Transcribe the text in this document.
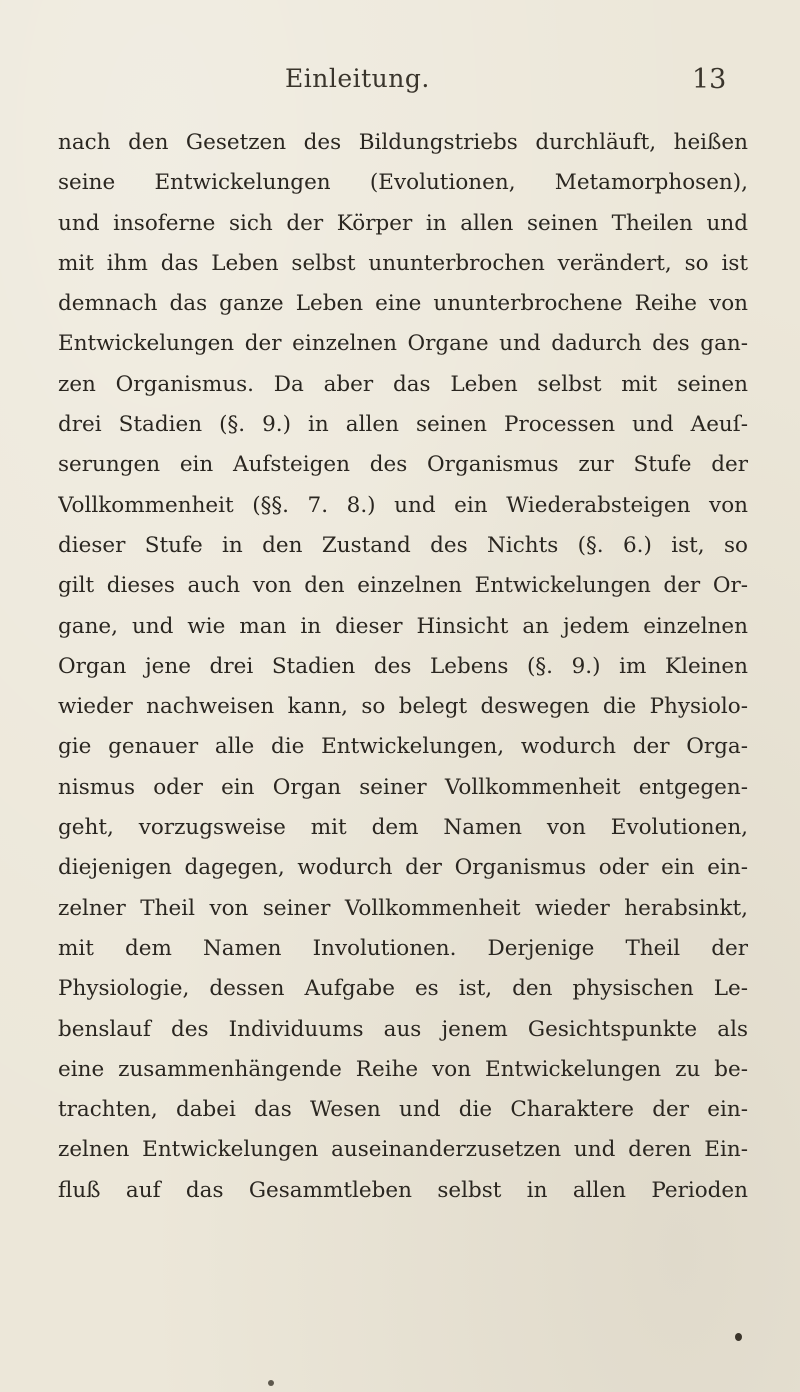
Einleitung.	13
nach den Gesetzen des Bildungstriebs durchläuft, heißen
seine Entwickelungen (Evolutionen, Metamorphosen),
und insoferne sich der Körper in allen seinen Theilen und
mit ihm das Leben selbst ununterbrochen verändert, so ist
demnach das ganze Leben eine ununterbrochene Reihe von
Entwickelungen der einzelnen Organe und dadurch des gan-
zen Organismus. Da aber das Leben selbst mit seinen
drei Stadien (§. 9.) in allen seinen Processen und Aeuſ-
serungen ein Aufsteigen des Organismus zur Stufe der
Vollkommenheit (§§. 7. 8.) und ein Wiederabsteigen von
dieser Stufe in den Zustand des Nichts (§. 6.) ist, so
gilt dieses auch von den einzelnen Entwickelungen der Or-
gane, und wie man in dieser Hinsicht an jedem einzelnen
Organ jene drei Stadien des Lebens (§. 9.) im Kleinen
wieder nachweisen kann, so belegt deswegen die Physiolo-
gie genauer alle die Entwickelungen, wodurch der Orga-
nismus oder ein Organ seiner Vollkommenheit entgegen-
geht, vorzugsweise mit dem Namen von Evolutionen,
diejenigen dagegen, wodurch der Organismus oder ein ein-
zelner Theil von seiner Vollkommenheit wieder herabsinkt,
mit dem Namen Involutionen. Derjenige Theil der
Physiologie, dessen Aufgabe es ist, den physischen Le-
benslauf des Individuums aus jenem Gesichtspunkte als
eine zusammenhängende Reihe von Entwickelungen zu be-
trachten, dabei das Wesen und die Charaktere der ein-
zelnen Entwickelungen auseinanderzusetzen und deren Ein-
fluß auf das Gesammtleben selbst in allen Perioden
